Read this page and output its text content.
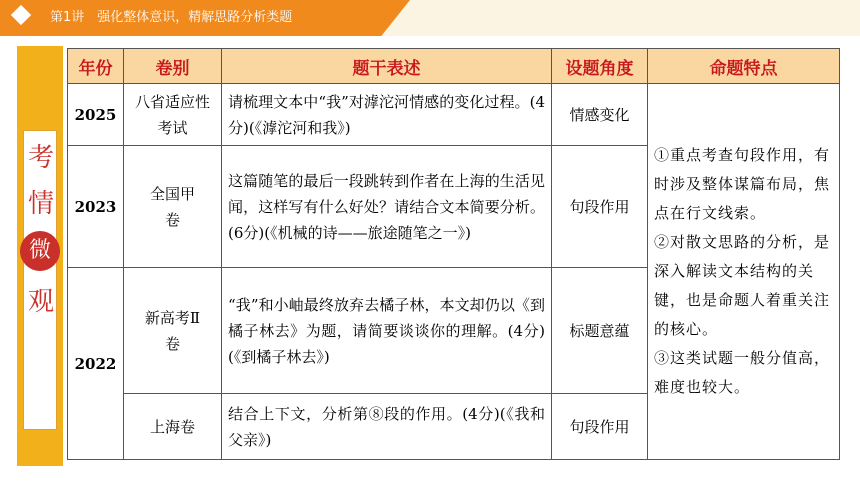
第1讲　强化整体意识，精解思路分析类题
考
情
微
观
年份	卷别	题干表述	设题角度	命题特点
2025	八省适应性考试	请梳理文本中“我”对滹沱河情感的变化过程。(4分)(《滹沱河和我》)	情感变化	①重点考查句段作用，有时涉及整体谋篇布局，焦点在行文线索。
②对散文思路的分析，是深入解读文本结构的关键，也是命题人着重关注的核心。
③这类试题一般分值高，难度也较大。

2023	全国甲卷	这篇随笔的最后一段跳转到作者在上海的生活见闻，这样写有什么好处？请结合文本简要分析。(6分)(《机械的诗——旅途随笔之一》)	句段作用	
2022	新高考Ⅱ卷	“我”和小岫最终放弃去橘子林，本文却仍以《到橘子林去》为题，请简要谈谈你的理解。(4分)(《到橘子林去》)	标题意蕴	
	上海卷	结合上下文，分析第⑧段的作用。(4分)(《我和父亲》)	句段作用	
